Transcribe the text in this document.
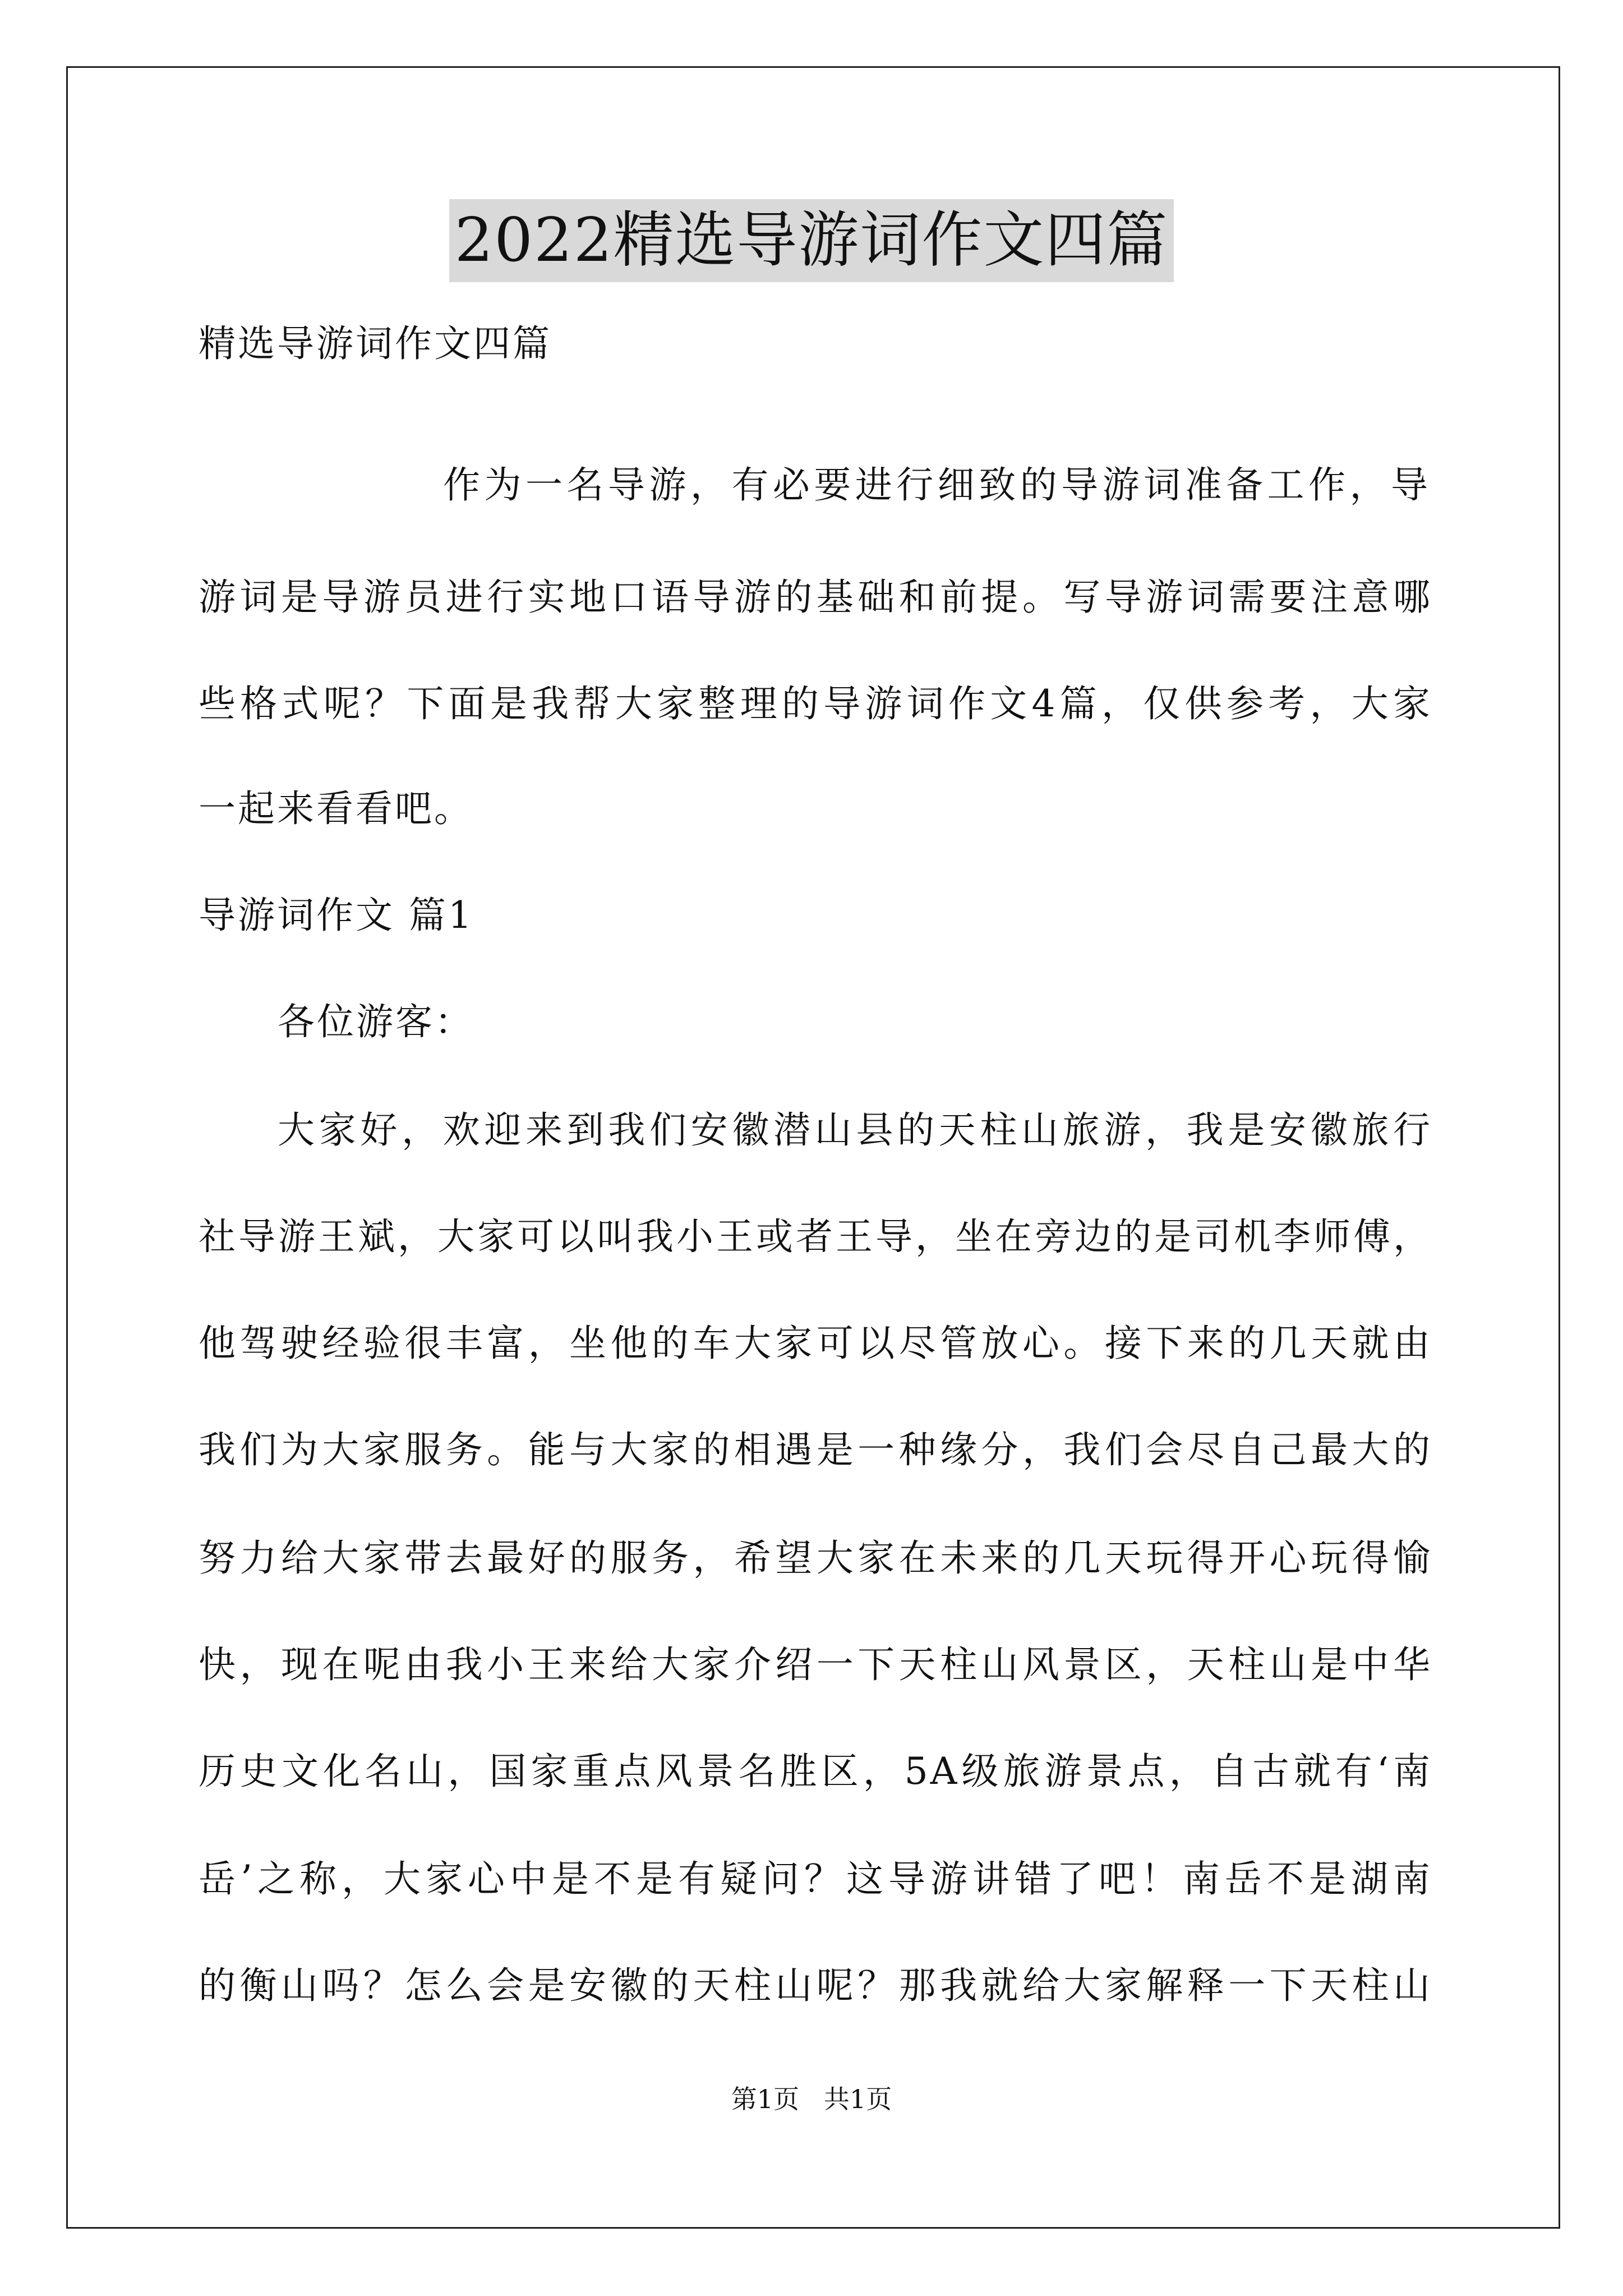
2022精选导游词作文四篇
精选导游词作文四篇
作为一名导游，有必要进行细致的导游词准备工作，导
游词是导游员进行实地口语导游的基础和前提。写导游词需要注意哪
些格式呢？下面是我帮大家整理的导游词作文4篇，仅供参考，大家
一起来看看吧。
导游词作文 篇1
各位游客：
大家好，欢迎来到我们安徽潜山县的天柱山旅游，我是安徽旅行
社导游王斌，大家可以叫我小王或者王导，坐在旁边的是司机李师傅，
他驾驶经验很丰富，坐他的车大家可以尽管放心。接下来的几天就由
我们为大家服务。能与大家的相遇是一种缘分，我们会尽自己最大的
努力给大家带去最好的服务，希望大家在未来的几天玩得开心玩得愉
快，现在呢由我小王来给大家介绍一下天柱山风景区，天柱山是中华
历史文化名山，国家重点风景名胜区，5A级旅游景点，自古就有‘南
岳’之称，大家心中是不是有疑问？这导游讲错了吧！南岳不是湖南
的衡山吗？怎么会是安徽的天柱山呢？那我就给大家解释一下天柱山
第1页   共1页
